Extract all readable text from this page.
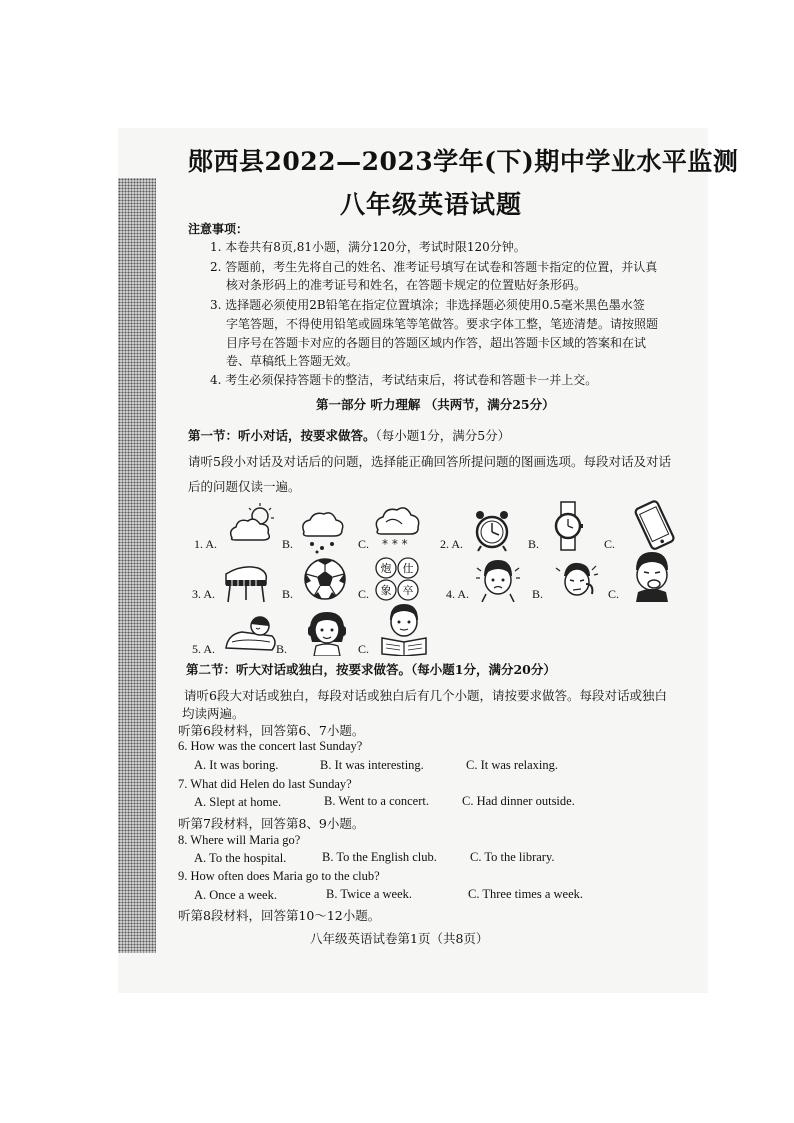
郧西县2022—2023学年(下)期中学业水平监测
八年级英语试题
注意事项：
1. 本卷共有8页,81小题，满分120分，考试时限120分钟。
2. 答题前，考生先将自己的姓名、准考证号填写在试卷和答题卡指定的位置，并认真
核对条形码上的准考证号和姓名，在答题卡规定的位置贴好条形码。
3. 选择题必须使用2B铅笔在指定位置填涂；非选择题必须使用0.5毫米黑色墨水签
字笔答题，不得使用铅笔或圆珠笔等笔做答。要求字体工整，笔迹清楚。请按照题
目序号在答题卡对应的各题目的答题区域内作答，超出答题卡区域的答案和在试
卷、草稿纸上答题无效。
4. 考生必须保持答题卡的整洁，考试结束后，将试卷和答题卡一并上交。
第一部分 听力理解 （共两节，满分25分）
第一节：听小对话，按要求做答。（每小题1分，满分5分）
请听5段小对话及对话后的问题，选择能正确回答所提问题的图画选项。每段对话及对话
后的问题仅读一遍。
1. A.	B.	C. * * *	2. A.	B.	C.
3. A.	B.	C.
炮 仕
象 卒	4. A.	B.	C.
5. A.	B.	C.
第二节：听大对话或独白，按要求做答。（每小题1分，满分20分）
请听6段大对话或独白，每段对话或独白后有几个小题，请按要求做答。每段对话或独白
均读两遍。
听第6段材料，回答第6、7小题。
6. How was the concert last Sunday?
A. It was boring.	B. It was interesting.	C. It was relaxing.
7. What did Helen do last Sunday?
A. Slept at home.	B. Went to a concert.	C. Had dinner outside.
听第7段材料，回答第8、9小题。
8. Where will Maria go?
A. To the hospital.	B. To the English club.	C. To the library.
9. How often does Maria go to the club?
A. Once a week.	B. Twice a week.	C. Three times a week.
听第8段材料，回答第10～12小题。
八年级英语试卷第1页（共8页）
